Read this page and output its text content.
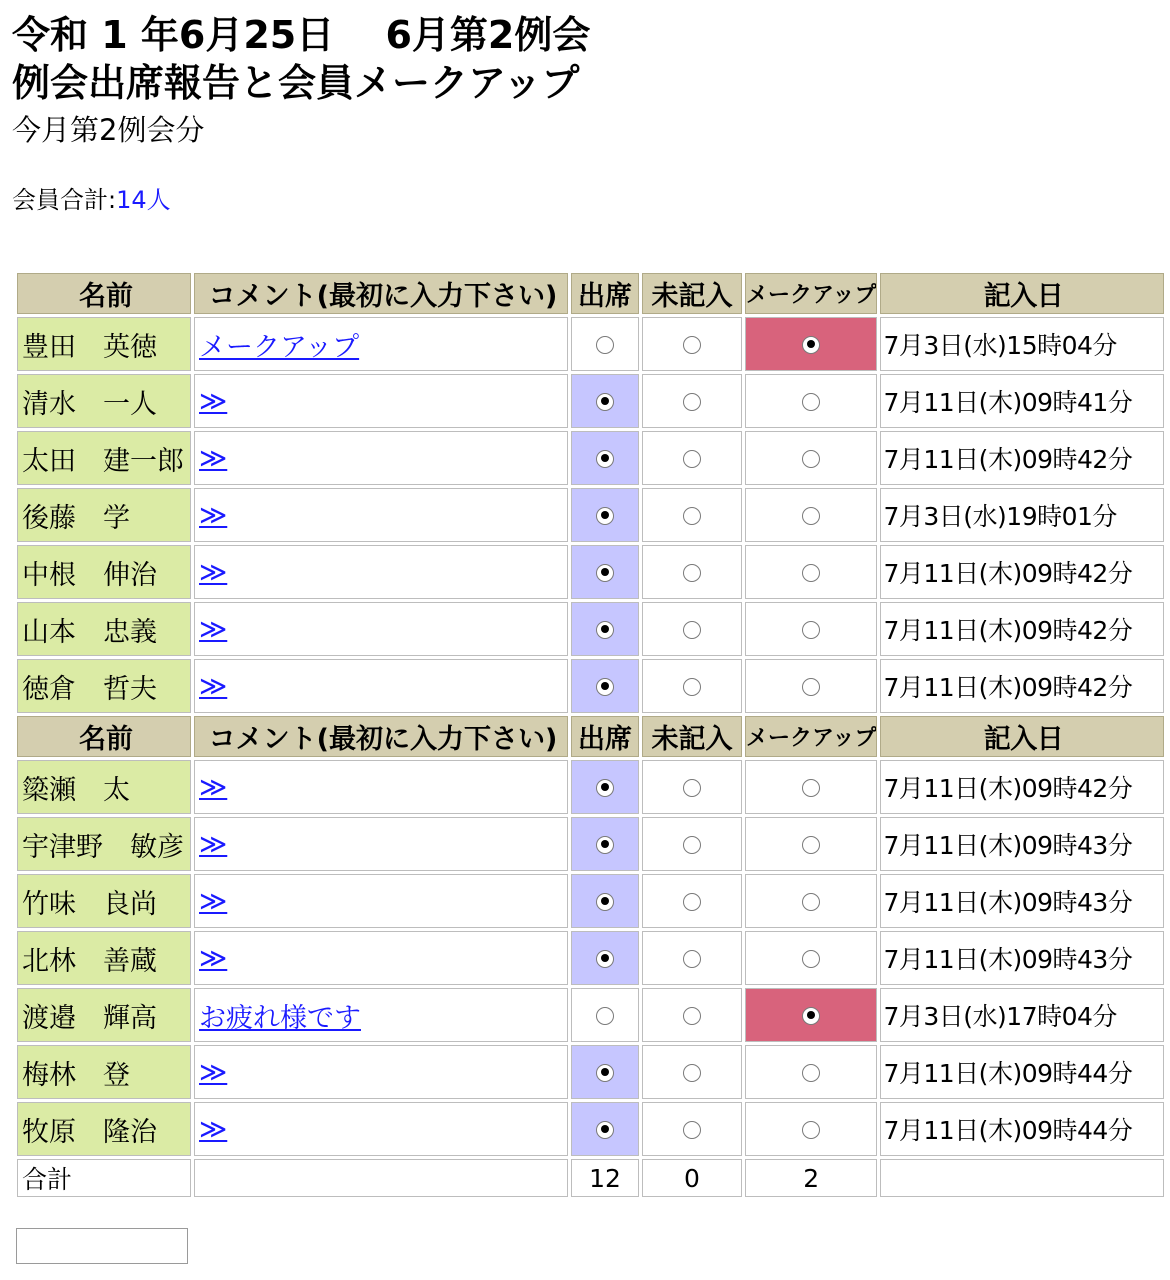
令和 1 年6月25日　 6月第2例会
例会出席報告と会員メークアップ
今月第2例会分
会員合計:14人
名前	コメント(最初に入力下さい)	出席	未記入	メークアップ	記入日
豊田　英徳	メークアップ				7月3日(水)15時04分
清水　一人	≫				7月11日(木)09時41分
太田　建一郎	≫				7月11日(木)09時42分
後藤　学	≫				7月3日(水)19時01分
中根　伸治	≫				7月11日(木)09時42分
山本　忠義	≫				7月11日(木)09時42分
徳倉　哲夫	≫				7月11日(木)09時42分
名前	コメント(最初に入力下さい)	出席	未記入	メークアップ	記入日
簗瀬　太	≫				7月11日(木)09時42分
宇津野　敏彦	≫				7月11日(木)09時43分
竹味　良尚	≫				7月11日(木)09時43分
北林　善蔵	≫				7月11日(木)09時43分
渡邉　輝高	お疲れ様です				7月3日(水)17時04分
梅林　登	≫				7月11日(木)09時44分
牧原　隆治	≫				7月11日(木)09時44分
合計		12	0	2	
